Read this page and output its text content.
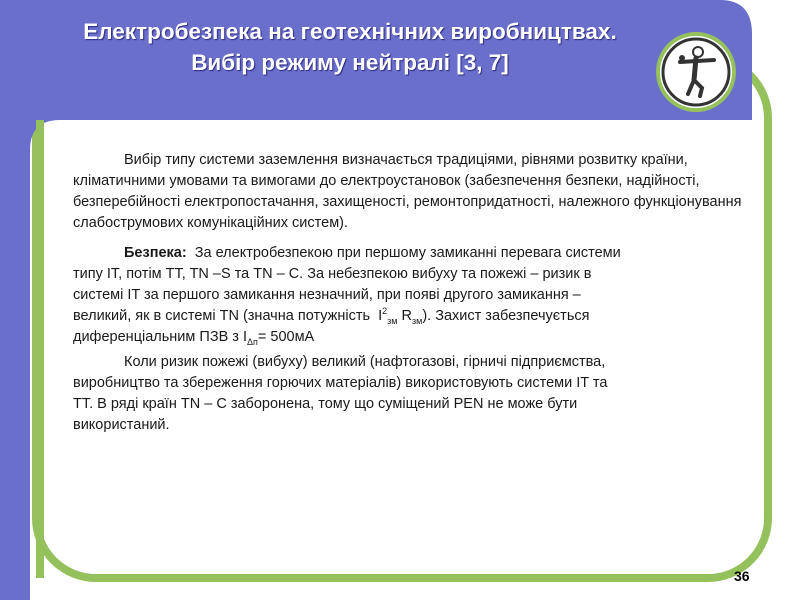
Електробезпека на геотехнічних виробництвах.
Вибір режиму нейтралі [3, 7]

Вибір типу системи заземлення визначається традиціями, рівнями розвитку країни, кліматичними умовами та вимогами до електроустановок (забезпечення безпеки, надійності, безперебійності електропостачання, захищеності, ремонтопридатності, належного функціонування слабострумових комунікаційних систем).

Безпека: За електробезпекою при першому замиканні перевага системи
типу IT, потім TT, TN –S та TN – C. За небезпекою вибуху та пожежі – ризик в
системі IT за першого замикання незначний, при появі другого замикання –
великий, як в системі TN (значна потужність $I^2_{зм}$ $R_{зм}$). Захист забезпечується
диференціальним ПЗВ з $I_{\Delta п}= 500мА$

Коли ризик пожежі (вибуху) великий (нафтогазові, гірничі підприємства,
виробництво та збереження горючих матеріалів) використовують системи IT та
TT. В ряді країн TN – C заборонена, тому що суміщений PEN не може бути
використаний.

36
